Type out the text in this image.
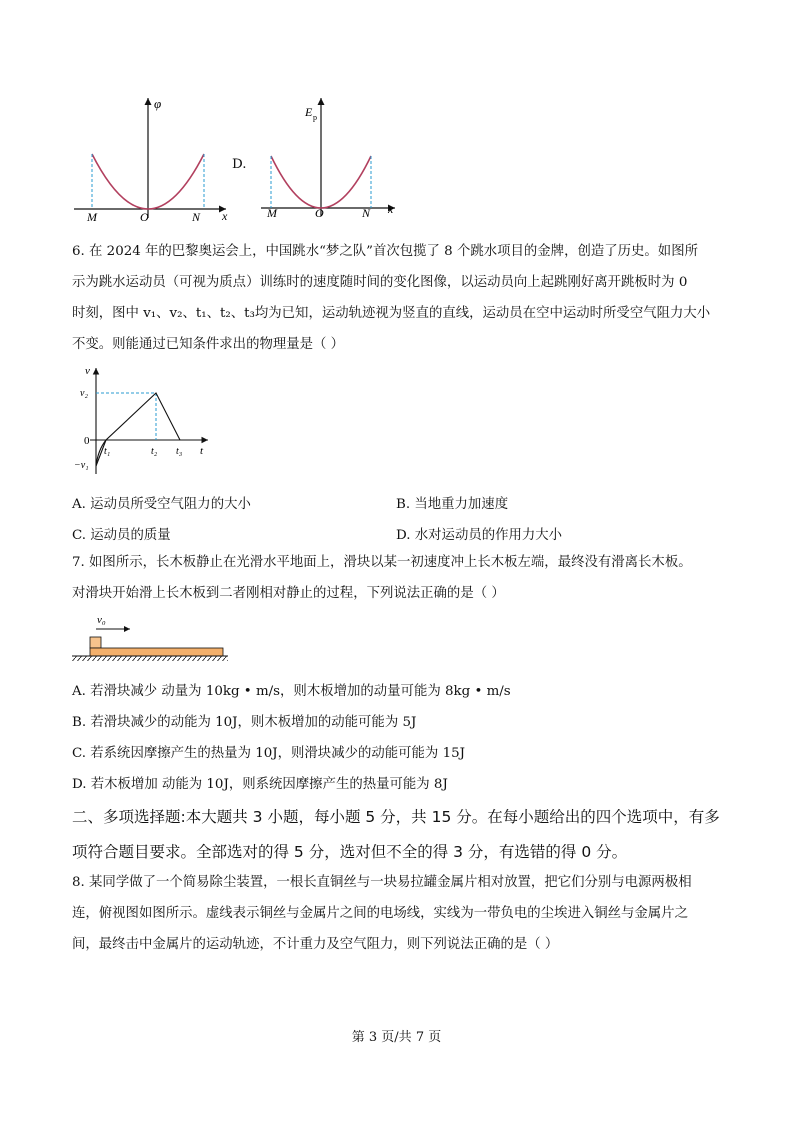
φ
x
M	O	N
D.
E p
x
M	O	N
6. 在 2024 年的巴黎奥运会上，中国跳水“梦之队”首次包揽了 8 个跳水项目的金牌，创造了历史。如图所
示为跳水运动员（可视为质点）训练时的速度随时间的变化图像，以运动员向上起跳刚好离开跳板时为 0
时刻，图中 v₁、v₂、t₁、t₂、t₃均为已知，运动轨迹视为竖直的直线，运动员在空中运动时所受空气阻力大小
不变。则能通过已知条件求出的物理量是（ ）
v
v₂
0
−v₁
t₁	t₂ t₃ t
A. 运动员所受空气阻力的大小	B. 当地重力加速度
C. 运动员的质量	D. 水对运动员的作用力大小
7. 如图所示，长木板静止在光滑水平地面上，滑块以某一初速度冲上长木板左端，最终没有滑离长木板。
对滑块开始滑上长木板到二者刚相对静止的过程，下列说法正确的是（ ）
v₀
A. 若滑块减少 动量为 10kg • m/s，则木板增加的动量可能为 8kg • m/s
B. 若滑块减少的动能为 10J，则木板增加的动能可能为 5J
C. 若系统因摩擦产生的热量为 10J，则滑块减少的动能可能为 15J
D. 若木板增加 动能为 10J，则系统因摩擦产生的热量可能为 8J
二、多项选择题:本大题共 3 小题，每小题 5 分，共 15 分。在每小题给出的四个选项中，有多
项符合题目要求。全部选对的得 5 分，选对但不全的得 3 分，有选错的得 0 分。
8. 某同学做了一个简易除尘装置，一根长直铜丝与一块易拉罐金属片相对放置，把它们分别与电源两极相
连，俯视图如图所示。虚线表示铜丝与金属片之间的电场线，实线为一带负电的尘埃进入铜丝与金属片之
间，最终击中金属片的运动轨迹，不计重力及空气阻力，则下列说法正确的是（ ）
第 3 页/共 7 页
